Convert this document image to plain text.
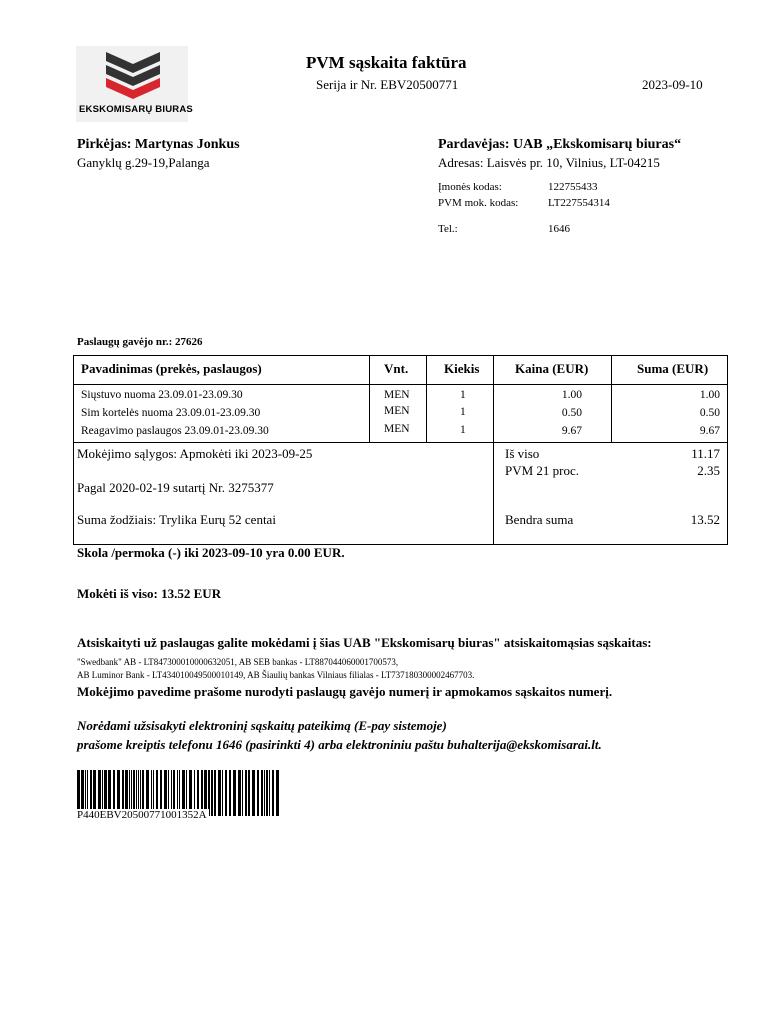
EKSKOMISARŲ BIURAS
PVM sąskaita faktūra
Serija ir Nr. EBV20500771	2023-09-10
Pirkėjas: Martynas Jonkus
Ganyklų g.29-19,Palanga
Pardavėjas: UAB „Ekskomisarų biuras“
Adresas: Laisvės pr. 10, Vilnius, LT-04215
Įmonės kodas:	122755433
PVM mok. kodas:	LT227554314
Tel.:	1646
Paslaugų gavėjo nr.: 27626
Pavadinimas (prekės, paslaugos)	Vnt.	Kiekis	Kaina (EUR)	Suma (EUR)
Siųstuvo nuoma 23.09.01-23.09.30	MEN	1	1.00	1.00
Sim kortelės nuoma 23.09.01-23.09.30	MEN	1	0.50	0.50
Reagavimo paslaugos 23.09.01-23.09.30	MEN	1	9.67	9.67
Mokėjimo sąlygos: Apmokėti iki 2023-09-25
Pagal 2020-02-19 sutartį Nr. 3275377
Suma žodžiais: Trylika Eurų 52 centai
Iš viso	11.17
PVM 21 proc.	2.35
Bendra suma	13.52
Skola /permoka (-) iki 2023-09-10 yra 0.00 EUR.
Mokėti iš viso: 13.52 EUR
Atsiskaityti už paslaugas galite mokėdami į šias UAB "Ekskomisarų biuras" atsiskaitomąsias sąskaitas:
"Swedbank" AB - LT847300010000632051, AB SEB bankas - LT887044060001700573,
AB Luminor Bank - LT434010049500010149, AB Šiaulių bankas Vilniaus filialas - LT737180300002467703.
Mokėjimo pavedime prašome nurodyti paslaugų gavėjo numerį ir apmokamos sąskaitos numerį.
Norėdami užsisakyti elektroninį sąskaitų pateikimą (E-pay sistemoje)
prašome kreiptis telefonu 1646 (pasirinkti 4) arba elektroniniu paštu buhalterija@ekskomisarai.lt.
P440EBV20500771001352A
